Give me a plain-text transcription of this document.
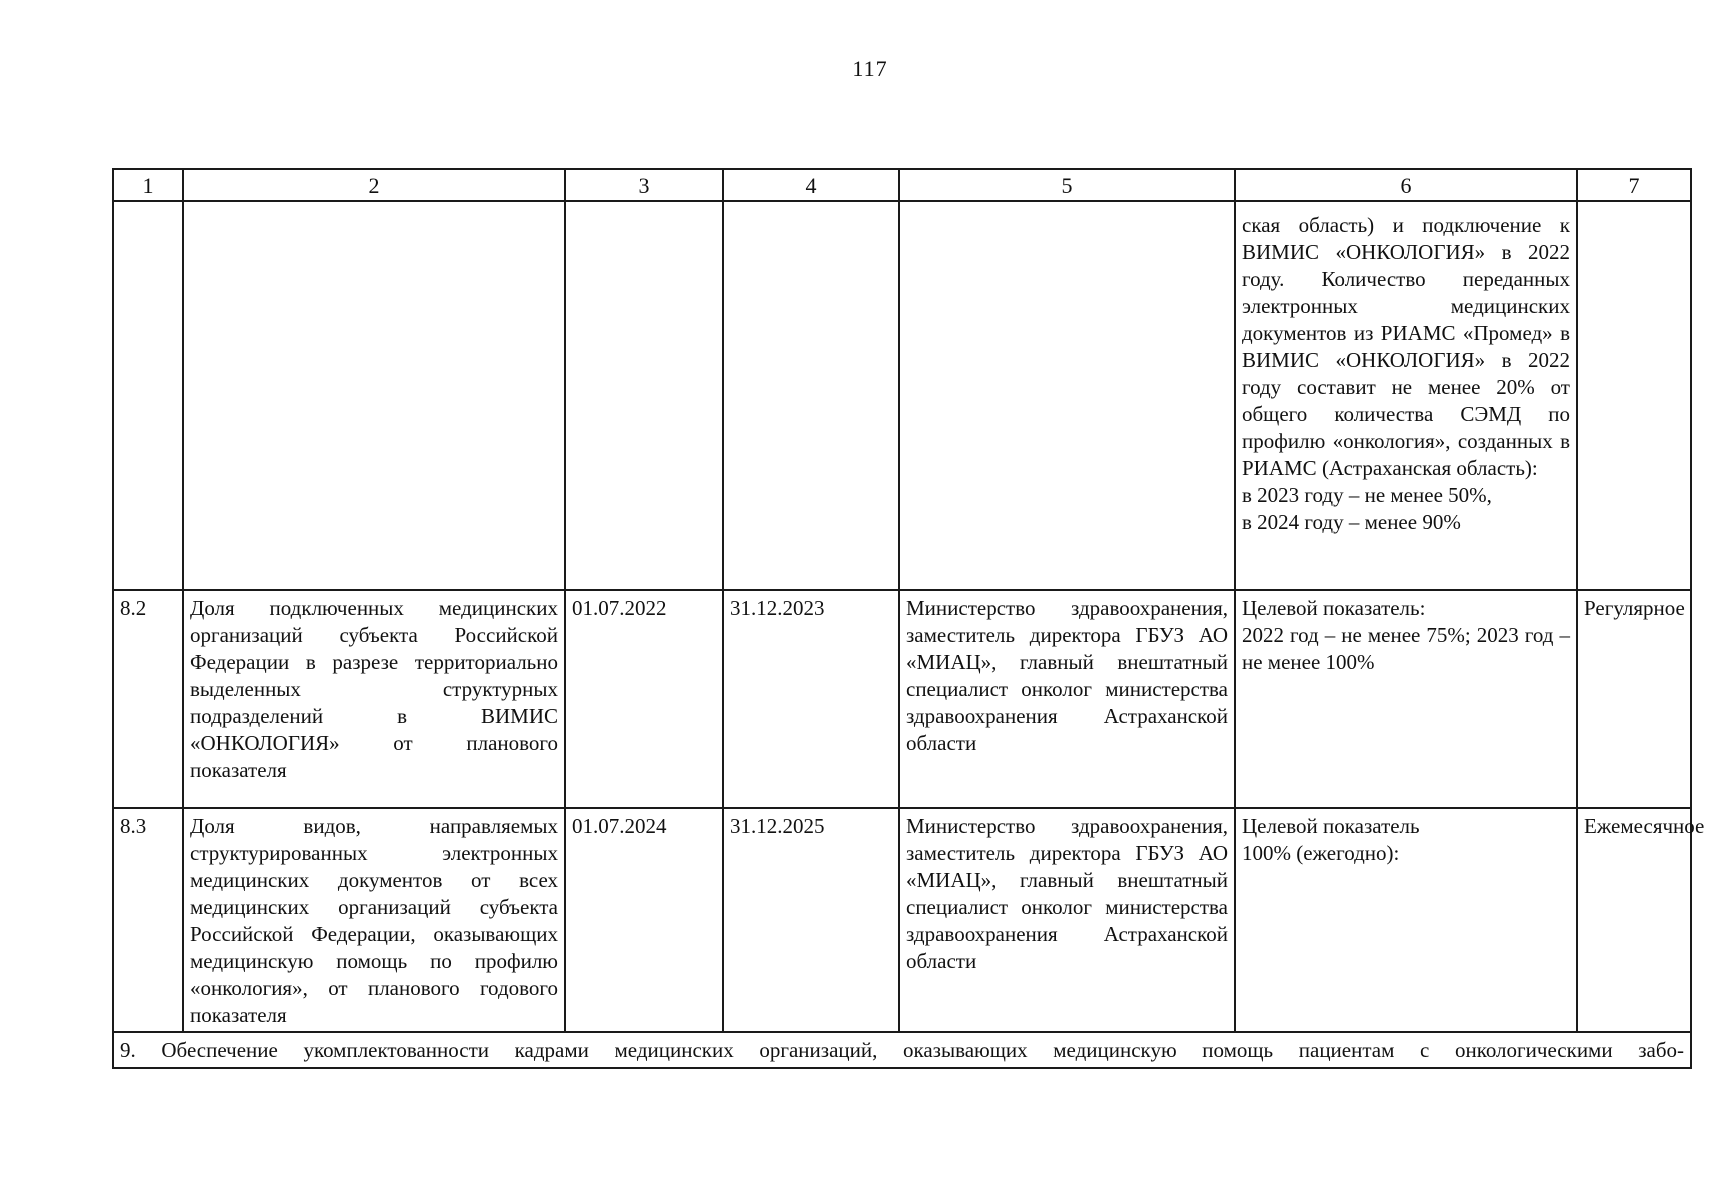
117
1	2	3	4	5	6	7

					ская область) и подключение к ВИМИС «ОНКОЛОГИЯ» в 2022 году. Количество переданных электронных медицинских документов из РИАМС «Промед» в ВИМИС «ОНКОЛОГИЯ» в 2022 году составит не менее 20% от общего количества СЭМД по профилю «онкология», созданных в РИАМС (Астраханская область):
в 2023 году – не менее 50%,
в 2024 году – менее 90%	

8.2	Доля подключенных медицинских организаций субъекта Российской Федерации в разрезе территориально выделенных структурных подразделений в ВИМИС «ОНКОЛОГИЯ» от планового показателя	01.07.2022	31.12.2023	Министерство здравоохранения, заместитель директора ГБУЗ АО «МИАЦ», главный внештатный специалист онколог министерства здравоохранения Астраханской области	Целевой показатель:
2022 год – не менее 75%; 2023 год – не менее 100%	Регулярное
8.3	Доля видов, направляемых структурированных электронных медицинских документов от всех медицинских организаций субъекта Российской Федерации, оказывающих медицинскую помощь по профилю «онкология», от планового годового показателя	01.07.2024	31.12.2025	Министерство здравоохранения, заместитель директора ГБУЗ АО «МИАЦ», главный внештатный специалист онколог министерства здравоохранения Астраханской области	Целевой показатель
100% (ежегодно):	Ежемесячное
9. Обеспечение укомплектованности кадрами медицинских организаций, оказывающих медицинскую помощь пациентам с онкологическими забо-						
